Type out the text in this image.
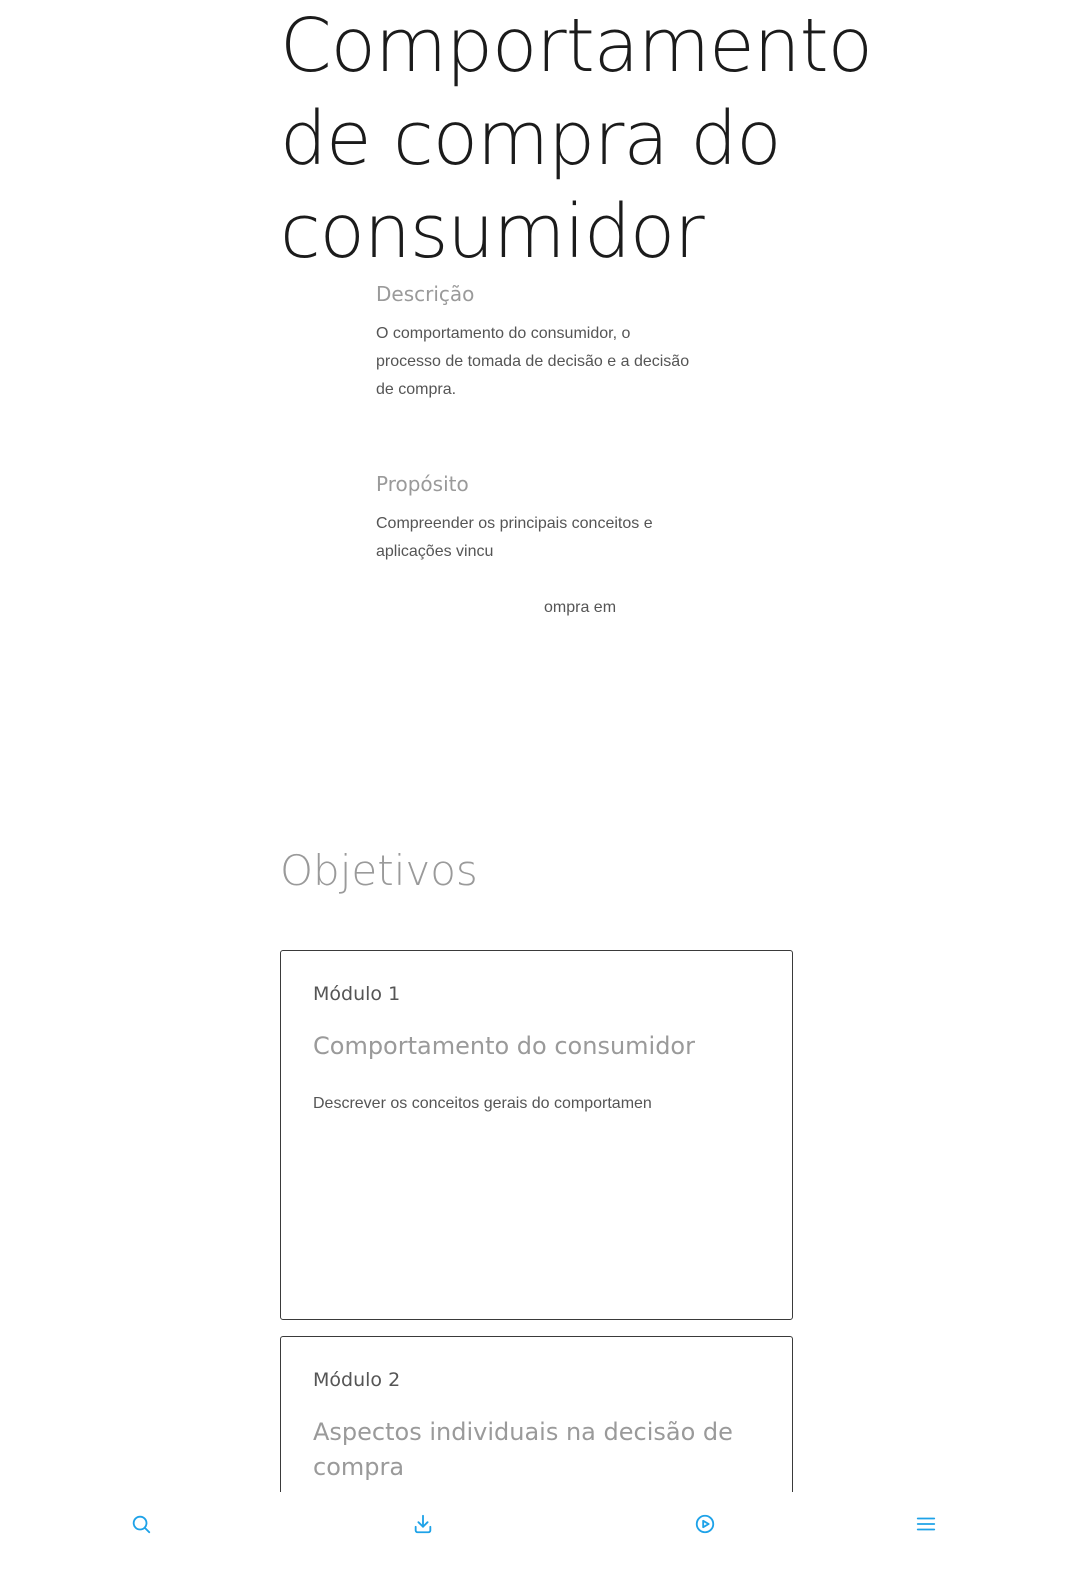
Comportamento
de compra do
consumidor
Descrição

O comportamento do consumidor, o processo de tomada de decisão e a decisão de compra.

Propósito

Compreender os principais conceitos e aplicações vincu

ompra em

Objetivos

Módulo 1

Comportamento do consumidor

Descrever os conceitos gerais do comportamen

Módulo 2

Aspectos individuais na decisão de compra
